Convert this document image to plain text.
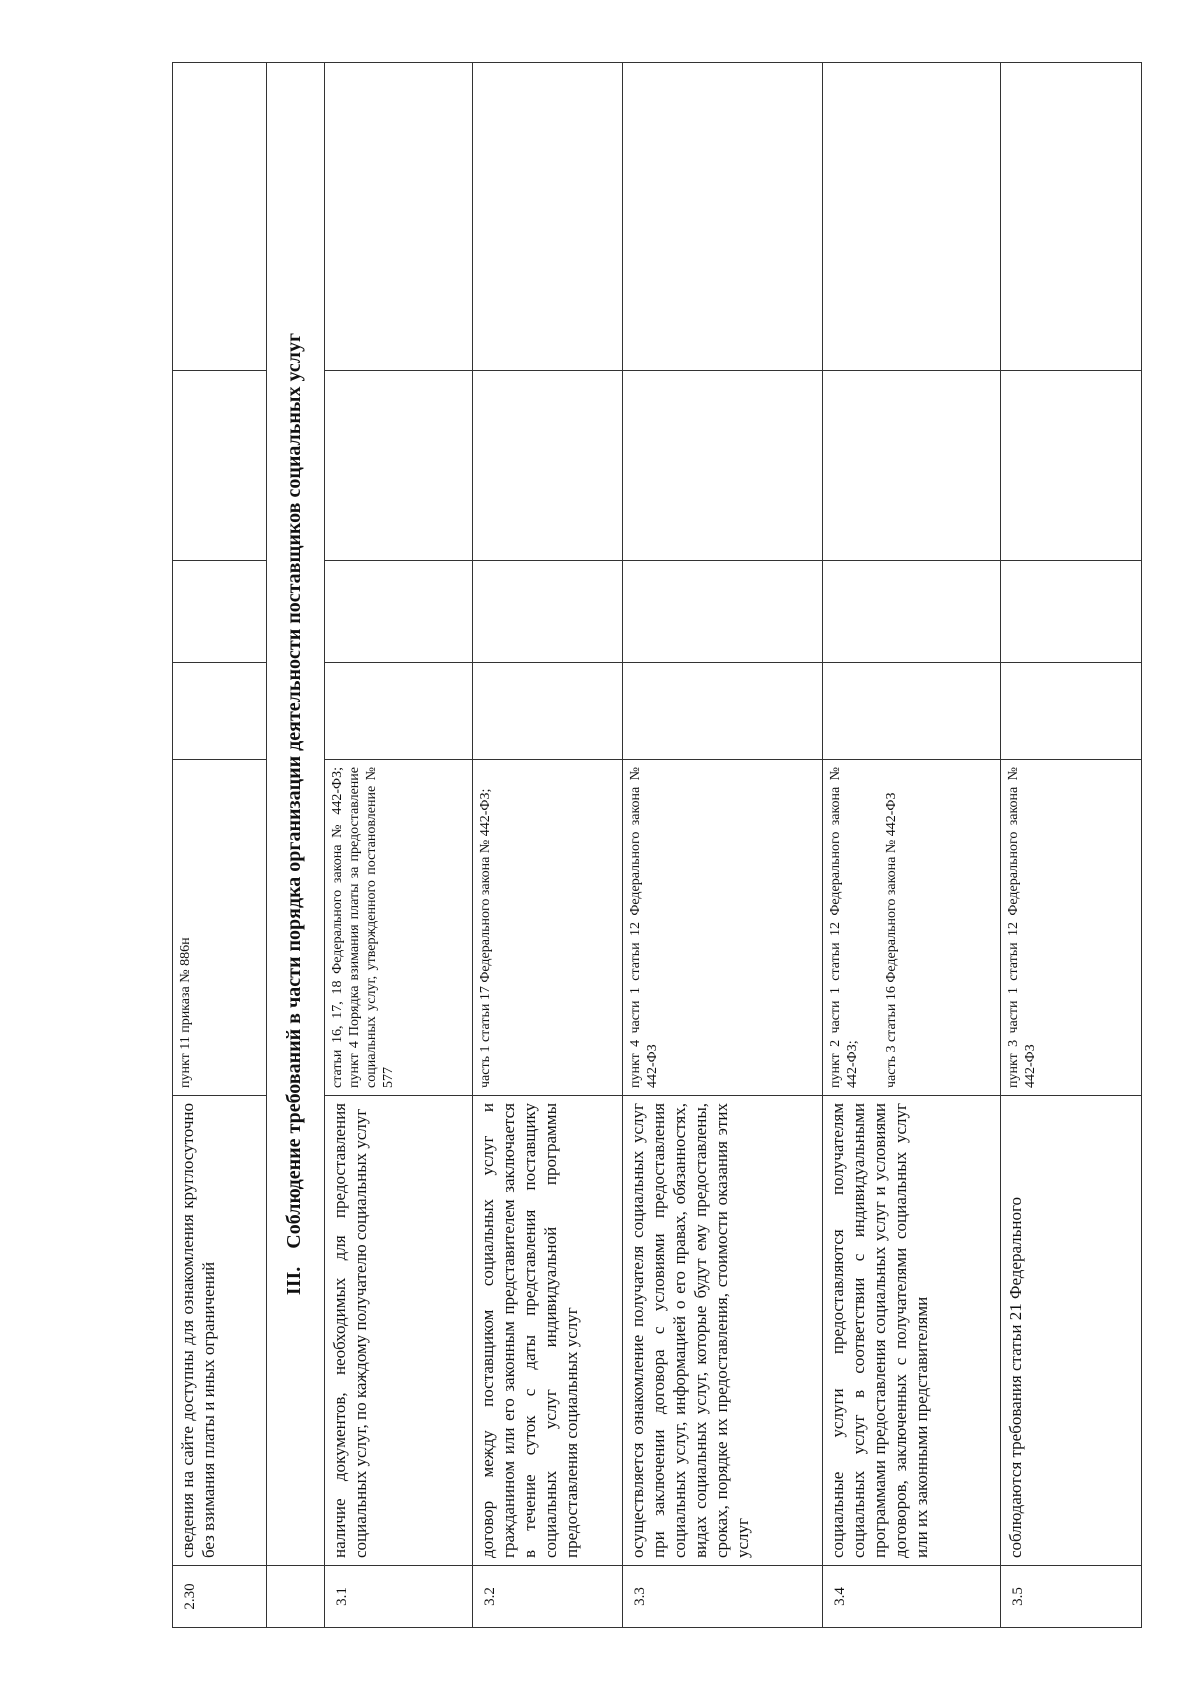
2.30	сведения на сайте доступны для ознакомления круглосуточно без взимания платы и иных ограничений	пункт 11 приказа № 886н				
	III.Соблюдение требований в части порядка организации деятельности поставщиков социальных услуг					
3.1	наличие документов, необходимых для предоставления социальных услуг, по каждому получателю социальных услуг	статьи 16, 17, 18 Федерального закона № 442-ФЗ; пункт 4 Порядка взимания платы за предоставление социальных услуг, утвержденного постановление № 577				
3.2	договор между поставщиком социальных услуг и гражданином или его законным представителем заключается в течение суток с даты представления поставщику социальных услуг индивидуальной программы предоставления социальных услуг	часть 1 статьи 17 Федерального закона № 442-ФЗ;				
3.3	осуществляется ознакомление получателя социальных услуг при заключении договора с условиями предоставления социальных услуг, информацией о его правах, обязанностях, видах социальных услуг, которые будут ему предоставлены, сроках, порядке их предоставления, стоимости оказания этих услуг	пункт 4 части 1 статьи 12 Федерального закона № 442-ФЗ				
3.4	социальные услуги предоставляются получателям социальных услуг в соответствии с индивидуальными программами предоставления социальных услуг и условиями договоров, заключенных с получателями социальных услуг или их законными представителями	пункт 2 части 1 статьи 12 Федерального закона № 442-ФЗ; часть 3 статьи 16 Федерального закона № 442-ФЗ				
3.5	соблюдаются требования статьи 21 Федерального	пункт 3 части 1 статьи 12 Федерального закона № 442-ФЗ				
